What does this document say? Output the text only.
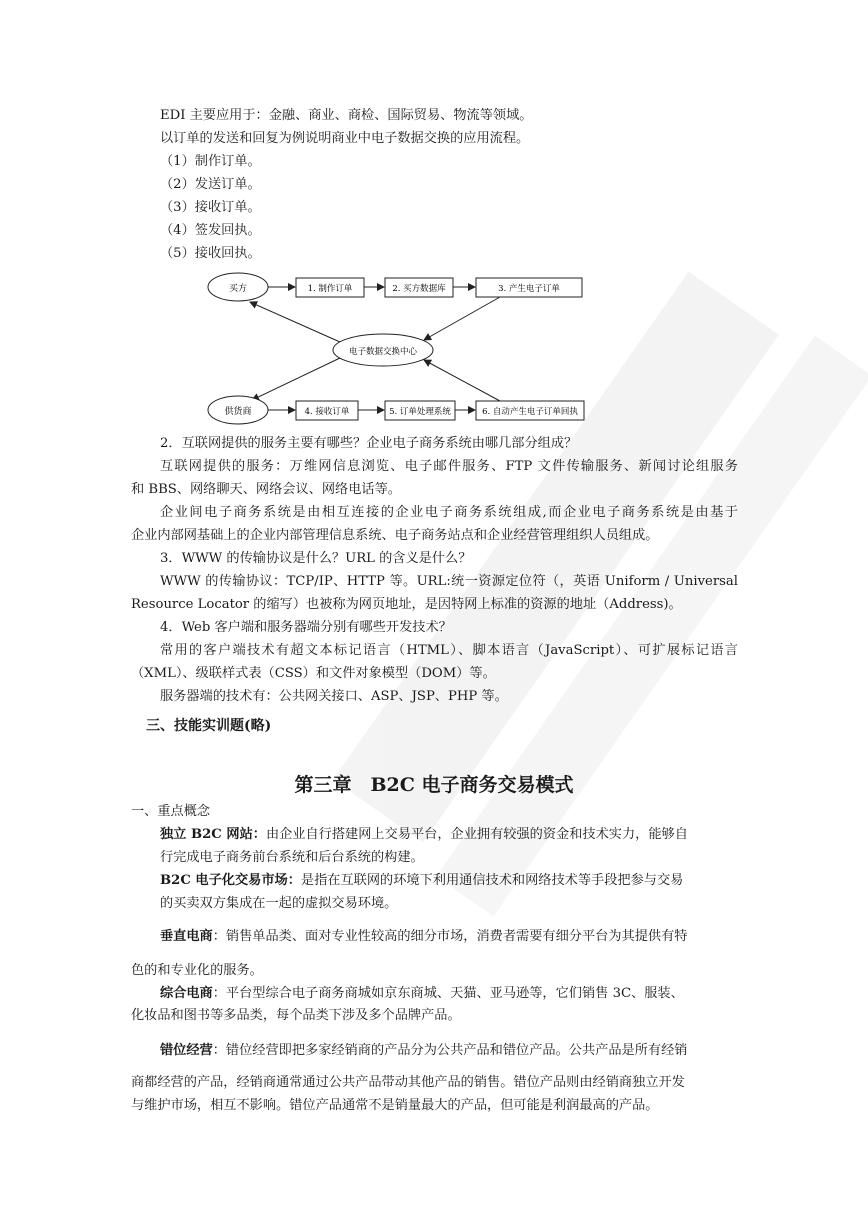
EDI 主要应用于：金融、商业、商检、国际贸易、物流等领域。
以订单的发送和回复为例说明商业中电子数据交换的应用流程。
（1）制作订单。
（2）发送订单。
（3）接收订单。
（4）签发回执。
（5）接收回执。
买方	1. 制作订单	2. 买方数据库	3. 产生电子订单
电子数据交换中心
供货商	4. 接收订单	5. 订单处理系统	6. 自动产生电子订单回执
2．互联网提供的服务主要有哪些？企业电子商务系统由哪几部分组成？
互联网提供的服务：万维网信息浏览、电子邮件服务、FTP 文件传输服务、新闻讨论组服务
和 BBS、网络聊天、网络会议、网络电话等。
企业间电子商务系统是由相互连接的企业电子商务系统组成,而企业电子商务系统是由基于
企业内部网基础上的企业内部管理信息系统、电子商务站点和企业经营管理组织人员组成。
3．WWW 的传输协议是什么？URL 的含义是什么？
WWW 的传输协议：TCP/IP、HTTP 等。URL:统一资源定位符（，英语 Uniform / Universal
Resource Locator 的缩写）也被称为网页地址，是因特网上标准的资源的地址（Address)。
4．Web 客户端和服务器端分别有哪些开发技术？
常用的客户端技术有超文本标记语言（HTML）、脚本语言（JavaScript）、可扩展标记语言
（XML）、级联样式表（CSS）和文件对象模型（DOM）等。
服务器端的技术有：公共网关接口、ASP、JSP、PHP 等。
三、技能实训题(略)
第三章　B2C 电子商务交易模式
一、重点概念
独立 B2C 网站：由企业自行搭建网上交易平台，企业拥有较强的资金和技术实力，能够自
行完成电子商务前台系统和后台系统的构建。
B2C 电子化交易市场：是指在互联网的环境下利用通信技术和网络技术等手段把参与交易
的买卖双方集成在一起的虚拟交易环境。
垂直电商：销售单品类、面对专业性较高的细分市场，消费者需要有细分平台为其提供有特
色的和专业化的服务。
综合电商：平台型综合电子商务商城如京东商城、天猫、亚马逊等，它们销售 3C、服装、
化妆品和图书等多品类，每个品类下涉及多个品牌产品。
错位经营：错位经营即把多家经销商的产品分为公共产品和错位产品。公共产品是所有经销
商都经营的产品，经销商通常通过公共产品带动其他产品的销售。错位产品则由经销商独立开发
与维护市场，相互不影响。错位产品通常不是销量最大的产品，但可能是利润最高的产品。
